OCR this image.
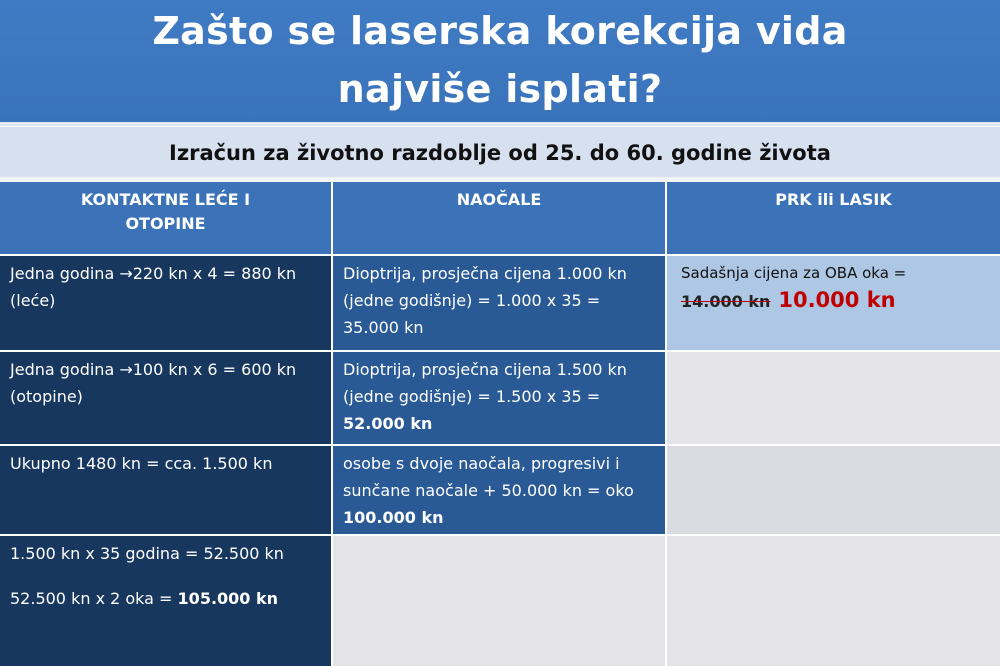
Zašto se laserska korekcija vida
najviše isplati?
Izračun za životno razdoblje od 25. do 60. godine života
KONTAKTNE LEĆE I OTOPINE
NAOČALE	PRK ili LASIK
Jedna godina →220 kn x 4 = 880 kn (leće)
Dioptrija, prosječna cijena 1.000 kn (jedne godišnje) = 1.000 x 35 = 35.000 kn
Sadašnja cijena za OBA oka =
14.000 kn 10.000 kn
Jedna godina →100 kn x 6 = 600 kn (otopine)
Dioptrija, prosječna cijena 1.500 kn (jedne godišnje) = 1.500 x 35 = 52.000 kn
Ukupno 1480 kn = cca. 1.500 kn	osobe s dvoje naočala, progresivi i sunčane naočale + 50.000 kn = oko 100.000 kn
1.500 kn x 35 godina = 52.500 kn
52.500 kn x 2 oka = 105.000 kn
